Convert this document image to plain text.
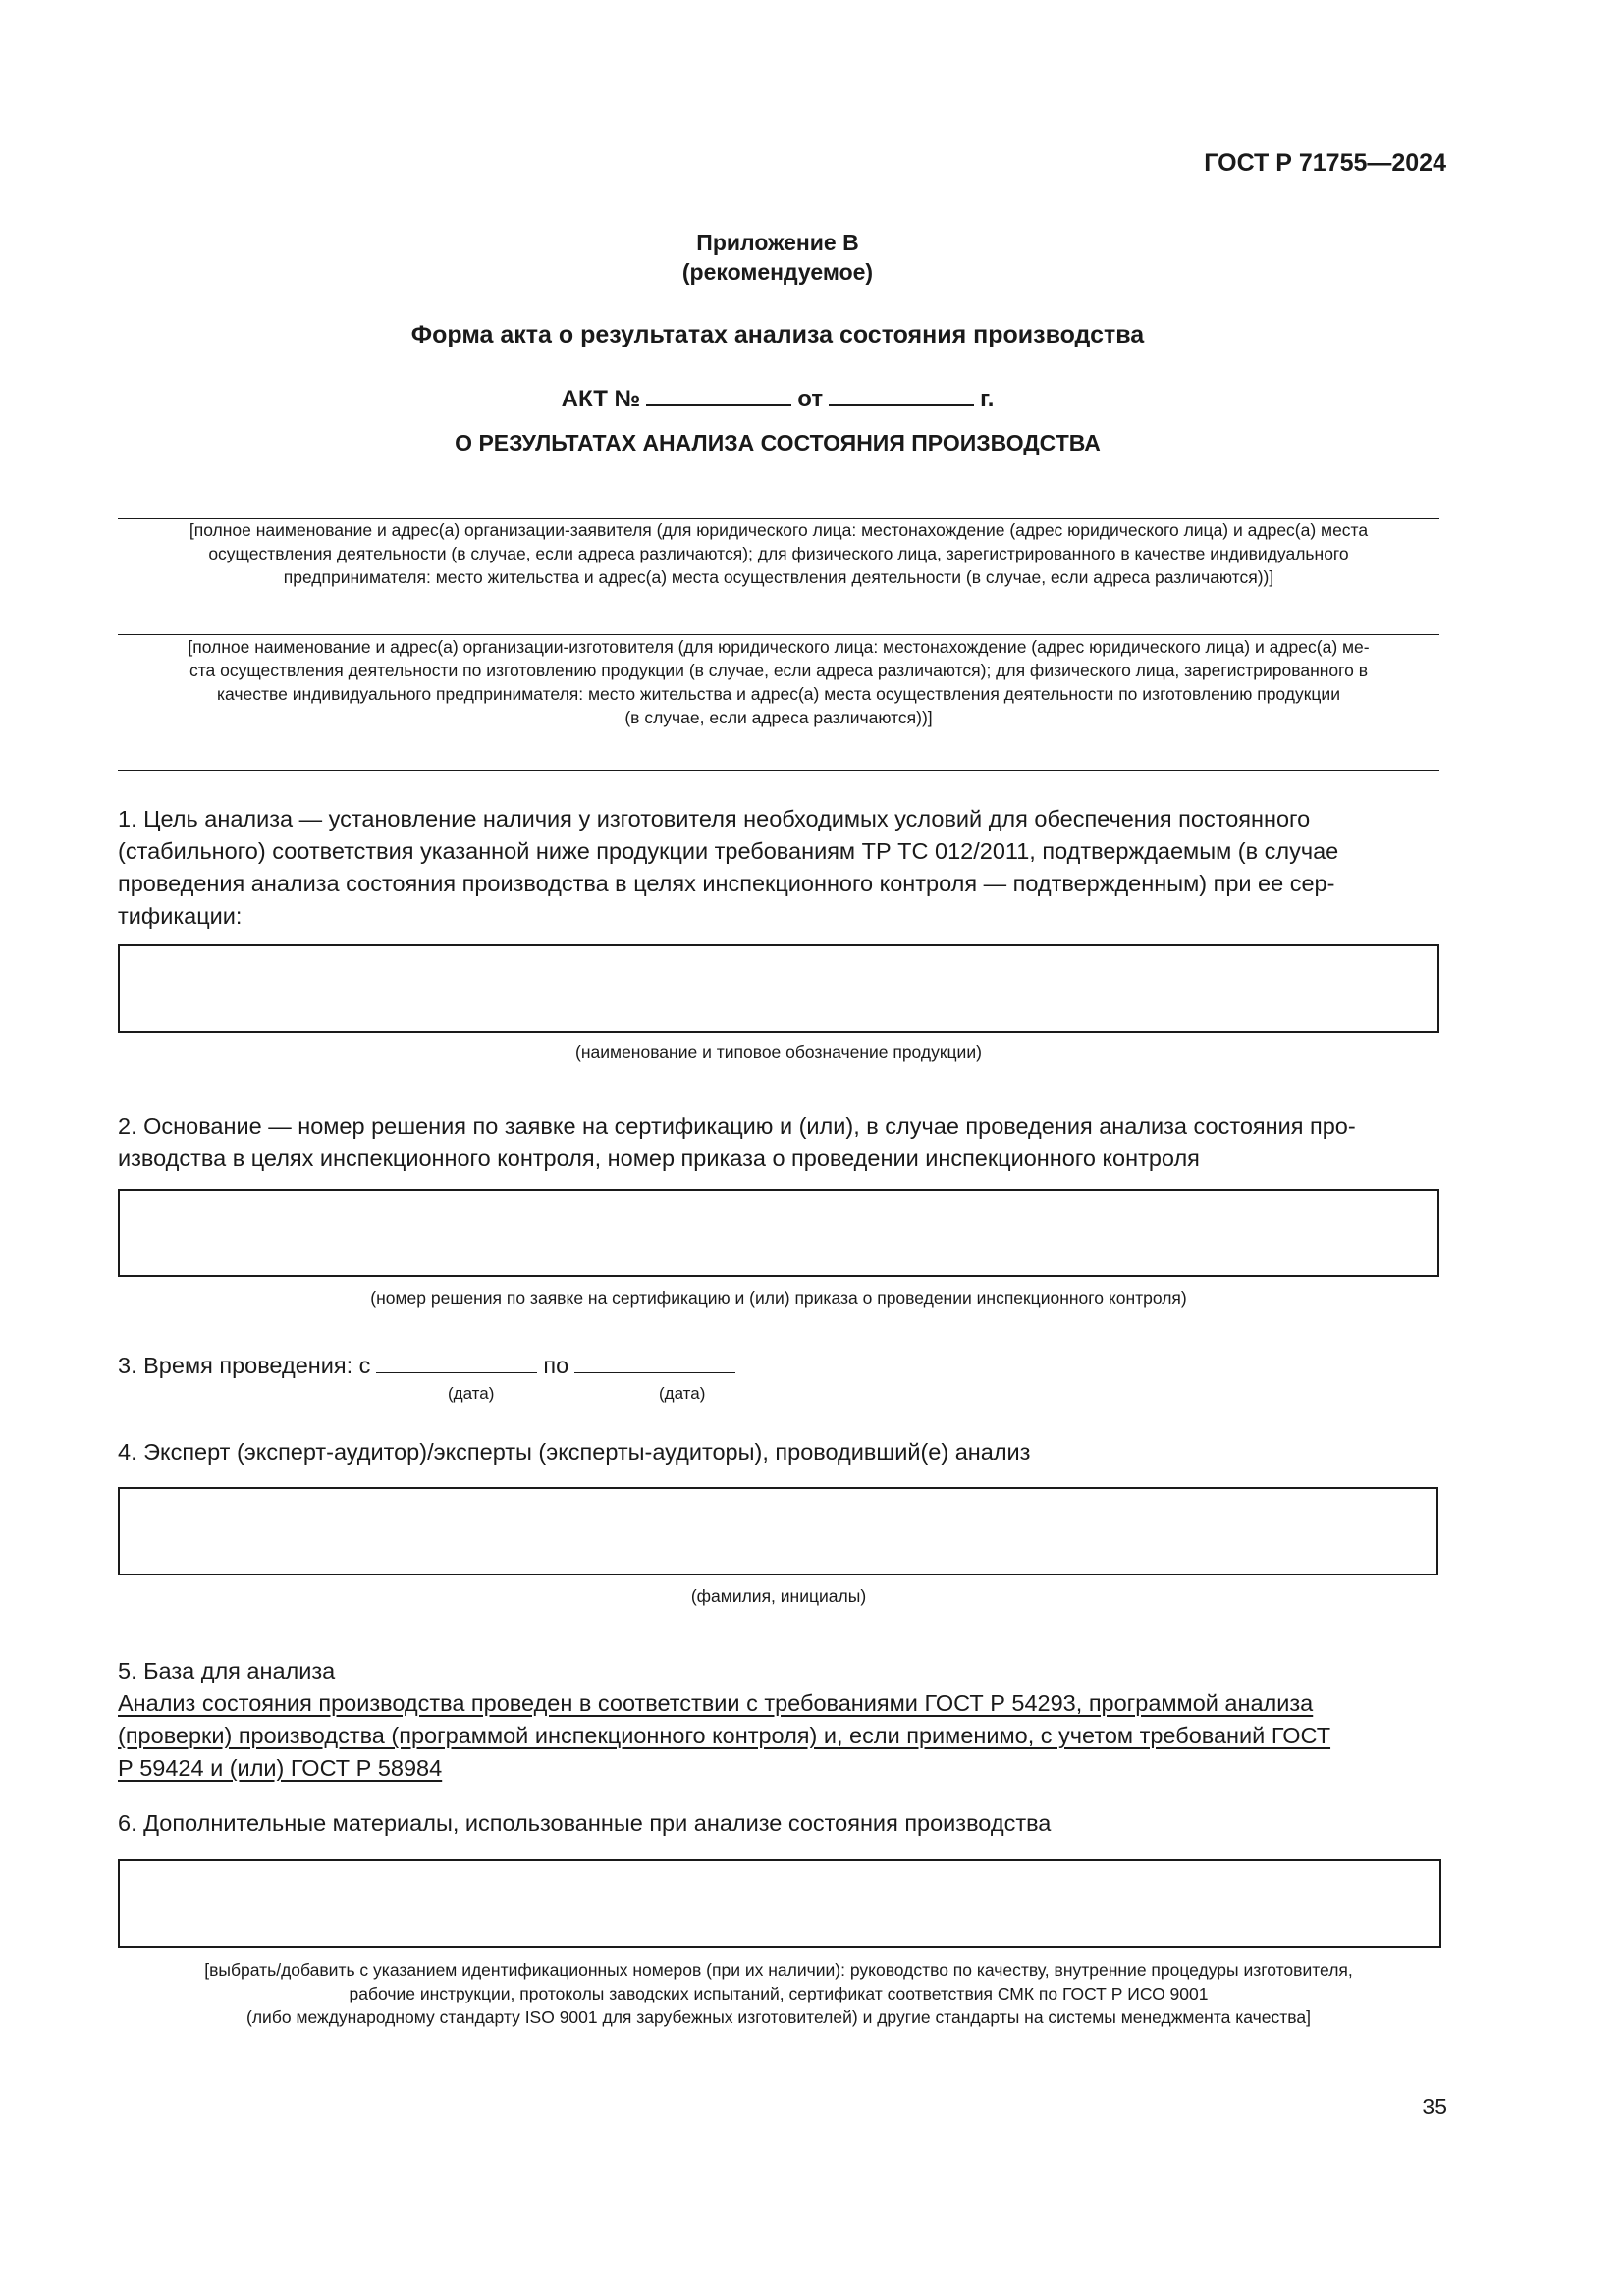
ГОСТ Р 71755—2024
Приложение В
(рекомендуемое)
Форма акта о результатах анализа состояния производства
АКТ №	от	г.
О РЕЗУЛЬТАТАХ АНАЛИЗА СОСТОЯНИЯ ПРОИЗВОДСТВА
[полное наименование и адрес(а) организации-заявителя (для юридического лица: местонахождение (адрес юридического лица) и адрес(а) места
осуществления деятельности (в случае, если адреса различаются); для физического лица, зарегистрированного в качестве индивидуального
предпринимателя: место жительства и адрес(а) места осуществления деятельности (в случае, если адреса различаются))]
[полное наименование и адрес(а) организации-изготовителя (для юридического лица: местонахождение (адрес юридического лица) и адрес(а) ме-
ста осуществления деятельности по изготовлению продукции (в случае, если адреса различаются); для физического лица, зарегистрированного в
качестве индивидуального предпринимателя: место жительства и адрес(а) места осуществления деятельности по изготовлению продукции
(в случае, если адреса различаются))]
1. Цель анализа — установление наличия у изготовителя необходимых условий для обеспечения постоянного
(стабильного) соответствия указанной ниже продукции требованиям ТР ТС 012/2011, подтверждаемым (в случае
проведения анализа состояния производства в целях инспекционного контроля — подтвержденным) при ее сер-
тификации:
(наименование и типовое обозначение продукции)
2. Основание — номер решения по заявке на сертификацию и (или), в случае проведения анализа состояния про-
изводства в целях инспекционного контроля, номер приказа о проведении инспекционного контроля
(номер решения по заявке на сертификацию и (или) приказа о проведении инспекционного контроля)
3. Время проведения: с	по
(дата)	(дата)
4. Эксперт (эксперт-аудитор)/эксперты (эксперты-аудиторы), проводивший(е) анализ
(фамилия, инициалы)
5. База для анализа
Анализ состояния производства проведен в соответствии с требованиями ГОСТ Р 54293, программой анализа
(проверки) производства (программой инспекционного контроля) и, если применимо, с учетом требований ГОСТ
Р 59424 и (или) ГОСТ Р 58984
6. Дополнительные материалы, использованные при анализе состояния производства
[выбрать/добавить с указанием идентификационных номеров (при их наличии): руководство по качеству, внутренние процедуры изготовителя,
рабочие инструкции, протоколы заводских испытаний, сертификат соответствия СМК по ГОСТ Р ИСО 9001
(либо международному стандарту ISO 9001 для зарубежных изготовителей) и другие стандарты на системы менеджмента качества]
35
